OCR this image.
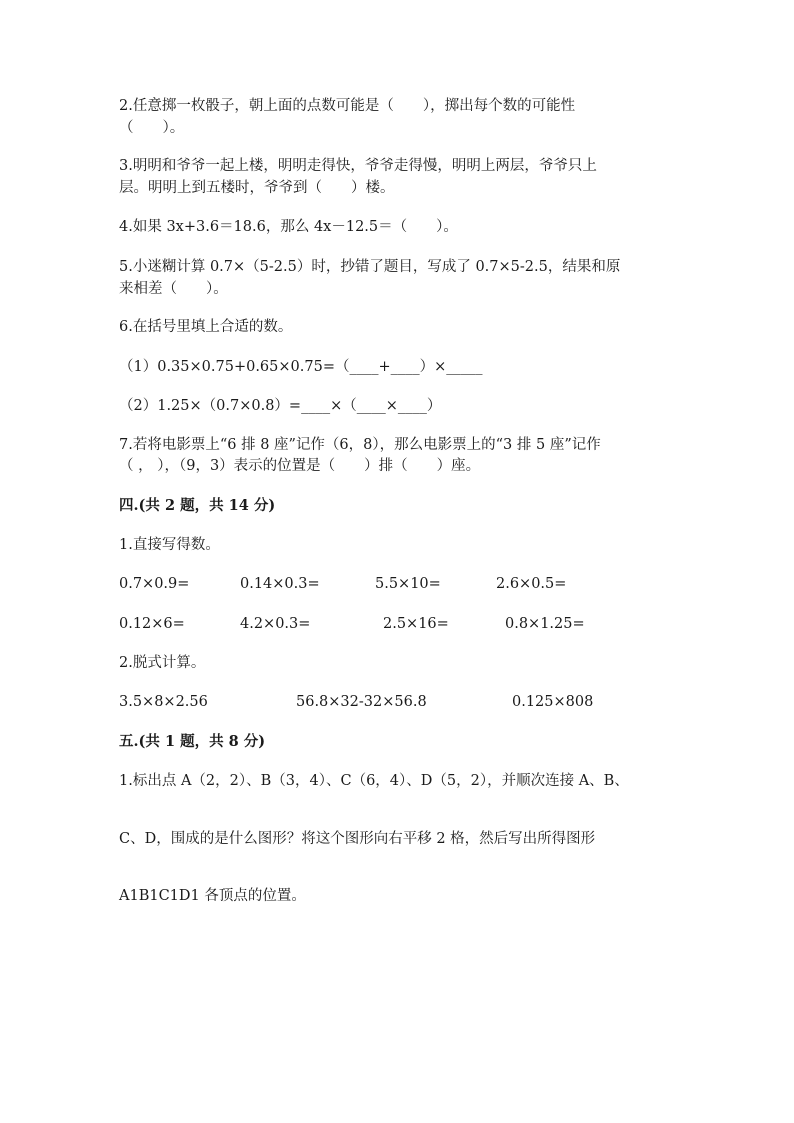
2.任意掷一枚骰子，朝上面的点数可能是（　　），掷出每个数的可能性
（　　）。
3.明明和爷爷一起上楼，明明走得快，爷爷走得慢，明明上两层，爷爷只上
层。明明上到五楼时，爷爷到（　　）楼。
4.如果 3x+3.6＝18.6，那么 4x－12.5＝（　　）。
5.小迷糊计算 0.7×（5-2.5）时，抄错了题目，写成了 0.7×5-2.5，结果和原
来相差（　　）。
6.在括号里填上合适的数。
（1）0.35×0.75+0.65×0.75=（____+____）×_____
（2）1.25×（0.7×0.8）=____×（____×____）
7.若将电影票上“6 排 8 座”记作（6，8），那么电影票上的“3 排 5 座”记作
（ ， ），（9，3）表示的位置是（　　）排（　　）座。
四.(共 2 题，共 14 分)
1.直接写得数。
0.7×0.9=	0.14×0.3=	5.5×10=	2.6×0.5=
0.12×6=	4.2×0.3=	2.5×16=	0.8×1.25=
2.脱式计算。
3.5×8×2.56	56.8×32-32×56.8	0.125×808
五.(共 1 题，共 8 分)
1.标出点 A（2，2）、B（3，4）、C（6，4）、D（5，2），并顺次连接 A、B、
C、D，围成的是什么图形？将这个图形向右平移 2 格，然后写出所得图形
A1B1C1D1 各顶点的位置。
